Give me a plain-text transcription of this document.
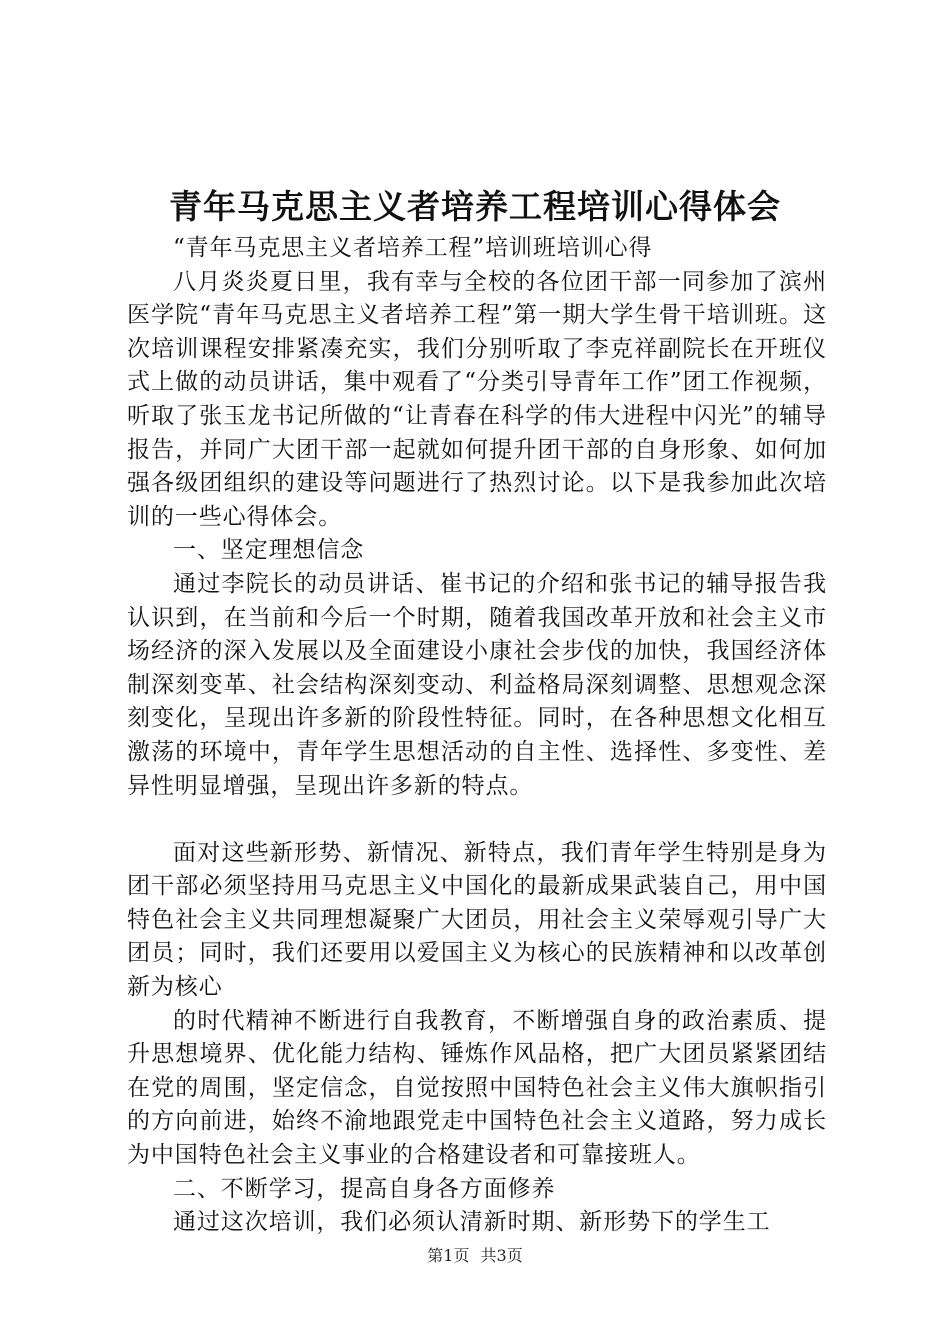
青年马克思主义者培养工程培训心得体会

“青年马克思主义者培养工程”培训班培训心得

八月炎炎夏日里，我有幸与全校的各位团干部一同参加了滨州医学院“青年马克思主义者培养工程”第一期大学生骨干培训班。这次培训课程安排紧凑充实，我们分别听取了李克祥副院长在开班仪式上做的动员讲话，集中观看了“分类引导青年工作”团工作视频，听取了张玉龙书记所做的“让青春在科学的伟大进程中闪光”的辅导报告，并同广大团干部一起就如何提升团干部的自身形象、如何加强各级团组织的建设等问题进行了热烈讨论。以下是我参加此次培训的一些心得体会。

一、坚定理想信念

通过李院长的动员讲话、崔书记的介绍和张书记的辅导报告我认识到，在当前和今后一个时期，随着我国改革开放和社会主义市场经济的深入发展以及全面建设小康社会步伐的加快，我国经济体制深刻变革、社会结构深刻变动、利益格局深刻调整、思想观念深刻变化，呈现出许多新的阶段性特征。同时，在各种思想文化相互激荡的环境中，青年学生思想活动的自主性、选择性、多变性、差异性明显增强，呈现出许多新的特点。

面对这些新形势、新情况、新特点，我们青年学生特别是身为团干部必须坚持用马克思主义中国化的最新成果武装自己，用中国特色社会主义共同理想凝聚广大团员，用社会主义荣辱观引导广大团员；同时，我们还要用以爱国主义为核心的民族精神和以改革创新为核心

的时代精神不断进行自我教育，不断增强自身的政治素质、提升思想境界、优化能力结构、锤炼作风品格，把广大团员紧紧团结在党的周围，坚定信念，自觉按照中国特色社会主义伟大旗帜指引的方向前进，始终不渝地跟党走中国特色社会主义道路，努力成长为中国特色社会主义事业的合格建设者和可靠接班人。

二、不断学习，提高自身各方面修养

通过这次培训，我们必须认清新时期、新形势下的学生工

第1页 共3页
